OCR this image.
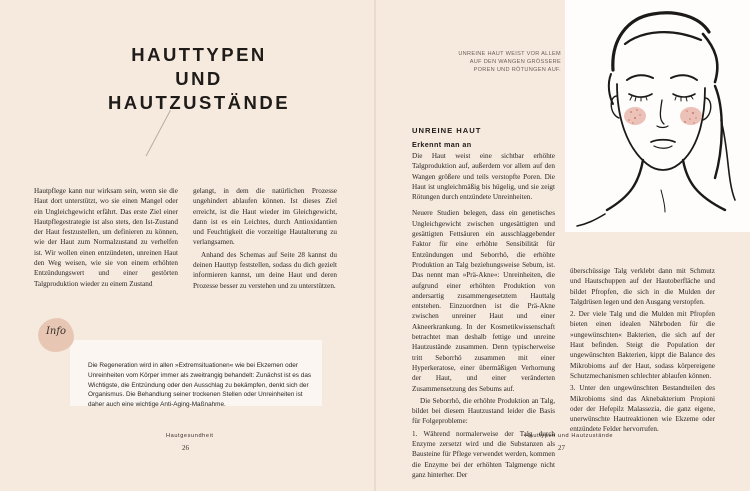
HAUTTYPEN UND
HAUTZUSTÄNDE

Hautpflege kann nur wirksam sein, wenn sie die Haut dort unterstützt, wo sie einen Mangel oder ein Ungleichgewicht erfährt. Das erste Ziel einer Hautpflegestrategie ist also stets, den Ist-Zustand der Haut festzustellen, um definieren zu können, wie der Haut zum Normalzustand zu verhelfen ist. Wir wollen einen entzündeten, unreinen Haut den Weg weisen, wie sie von einem erhöhten Entzündungswert und einer gestörten Talgproduktion wieder zu einem Zustand

gelangt, in dem die natürlichen Prozesse ungehindert ablaufen können. Ist dieses Ziel erreicht, ist die Haut wieder im Gleichgewicht, dann ist es ein Leichtes, durch Antioxidantien und Feuchtigkeit die vorzeitige Hautalterung zu verlangsamen.

Anhand des Schemas auf Seite 28 kannst du deinen Hauttyp feststellen, sodass du dich gezielt informieren kannst, um deine Haut und deren Prozesse besser zu verstehen und zu unterstützen.

Info
Die Regeneration wird in allen »Extremsituationen« wie bei Ekzemen oder Unreinheiten vom Körper immer als zweitrangig behandelt: Zunächst ist es das Wichtigste, die Entzündung oder den Ausschlag zu bekämpfen, denkt sich der Organismus. Die Behandlung seiner trockenen Stellen oder Unreinheiten ist daher auch eine wichtige Anti-Aging-Maßnahme.
Hautgesundheit
26
UNREINE HAUT WEIST VOR ALLEM AUF DEN WANGEN GRÖSSERE POREN UND RÖTUNGEN AUF.
UNREINE HAUT
Erkennt man an

Die Haut weist eine sichtbar erhöhte Talgproduktion auf, außerdem vor allem auf den Wangen größere und teils verstopfte Poren. Die Haut ist ungleichmäßig bis hügelig, und sie zeigt Rötungen durch entzündete Unreinheiten.

Neuere Studien belegen, dass ein genetisches Ungleichgewicht zwischen ungesättigten und gesättigten Fettsäuren ein ausschlaggebender Faktor für eine erhöhte Sensibilität für Entzündungen und Seborrhö, die erhöhte Produktion an Talg beziehungsweise Sebum, ist. Das nennt man »Prä-Akne«: Unreinheiten, die aufgrund einer erhöhten Produktion von andersartig zusammengesetztem Hauttalg entstehen. Einzuordnen ist die Prä-Akne zwischen unreiner Haut und einer Akneerkrankung. In der Kosmetikwissenschaft betrachtet man deshalb fettige und unreine Hautzustände zusammen. Denn typischerweise tritt Seborrhö zusammen mit einer Hyperkeratose, einer übermäßigen Verhornung der Haut, und einer veränderten Zusammensetzung des Sebums auf.

Die Seborrhö, die erhöhte Produktion an Talg, bildet bei diesem Hautzustand leider die Basis für Folgeprobleme:

1. Während normalerweise der Talg durch Enzyme zersetzt wird und die Substanzen als Bausteine für Pflege verwendet werden, kommen die Enzyme bei der erhöhten Talgmenge nicht ganz hinterher. Der

überschüssige Talg verklebt dann mit Schmutz und Hautschuppen auf der Hautoberfläche und bildet Pfropfen, die sich in die Mulden der Talgdrüsen legen und den Ausgang verstopfen.

2. Der viele Talg und die Mulden mit Pfropfen bieten einen idealen Nährboden für die »ungewünschten« Bakterien, die sich auf der Haut befinden. Steigt die Population der ungewünschten Bakterien, kippt die Balance des Mikrobioms auf der Haut, sodass körpereigene Schutzmechanismen schlechter ablaufen können.

3. Unter den ungewünschten Bestandteilen des Mikrobioms sind das Aknebakterium Propioni oder der Hefepilz Malassezia, die ganz eigene, unerwünschte Hautreaktionen wie Ekzeme oder entzündete Felder hervorrufen.

Hauttypen und Hautzustände
27
